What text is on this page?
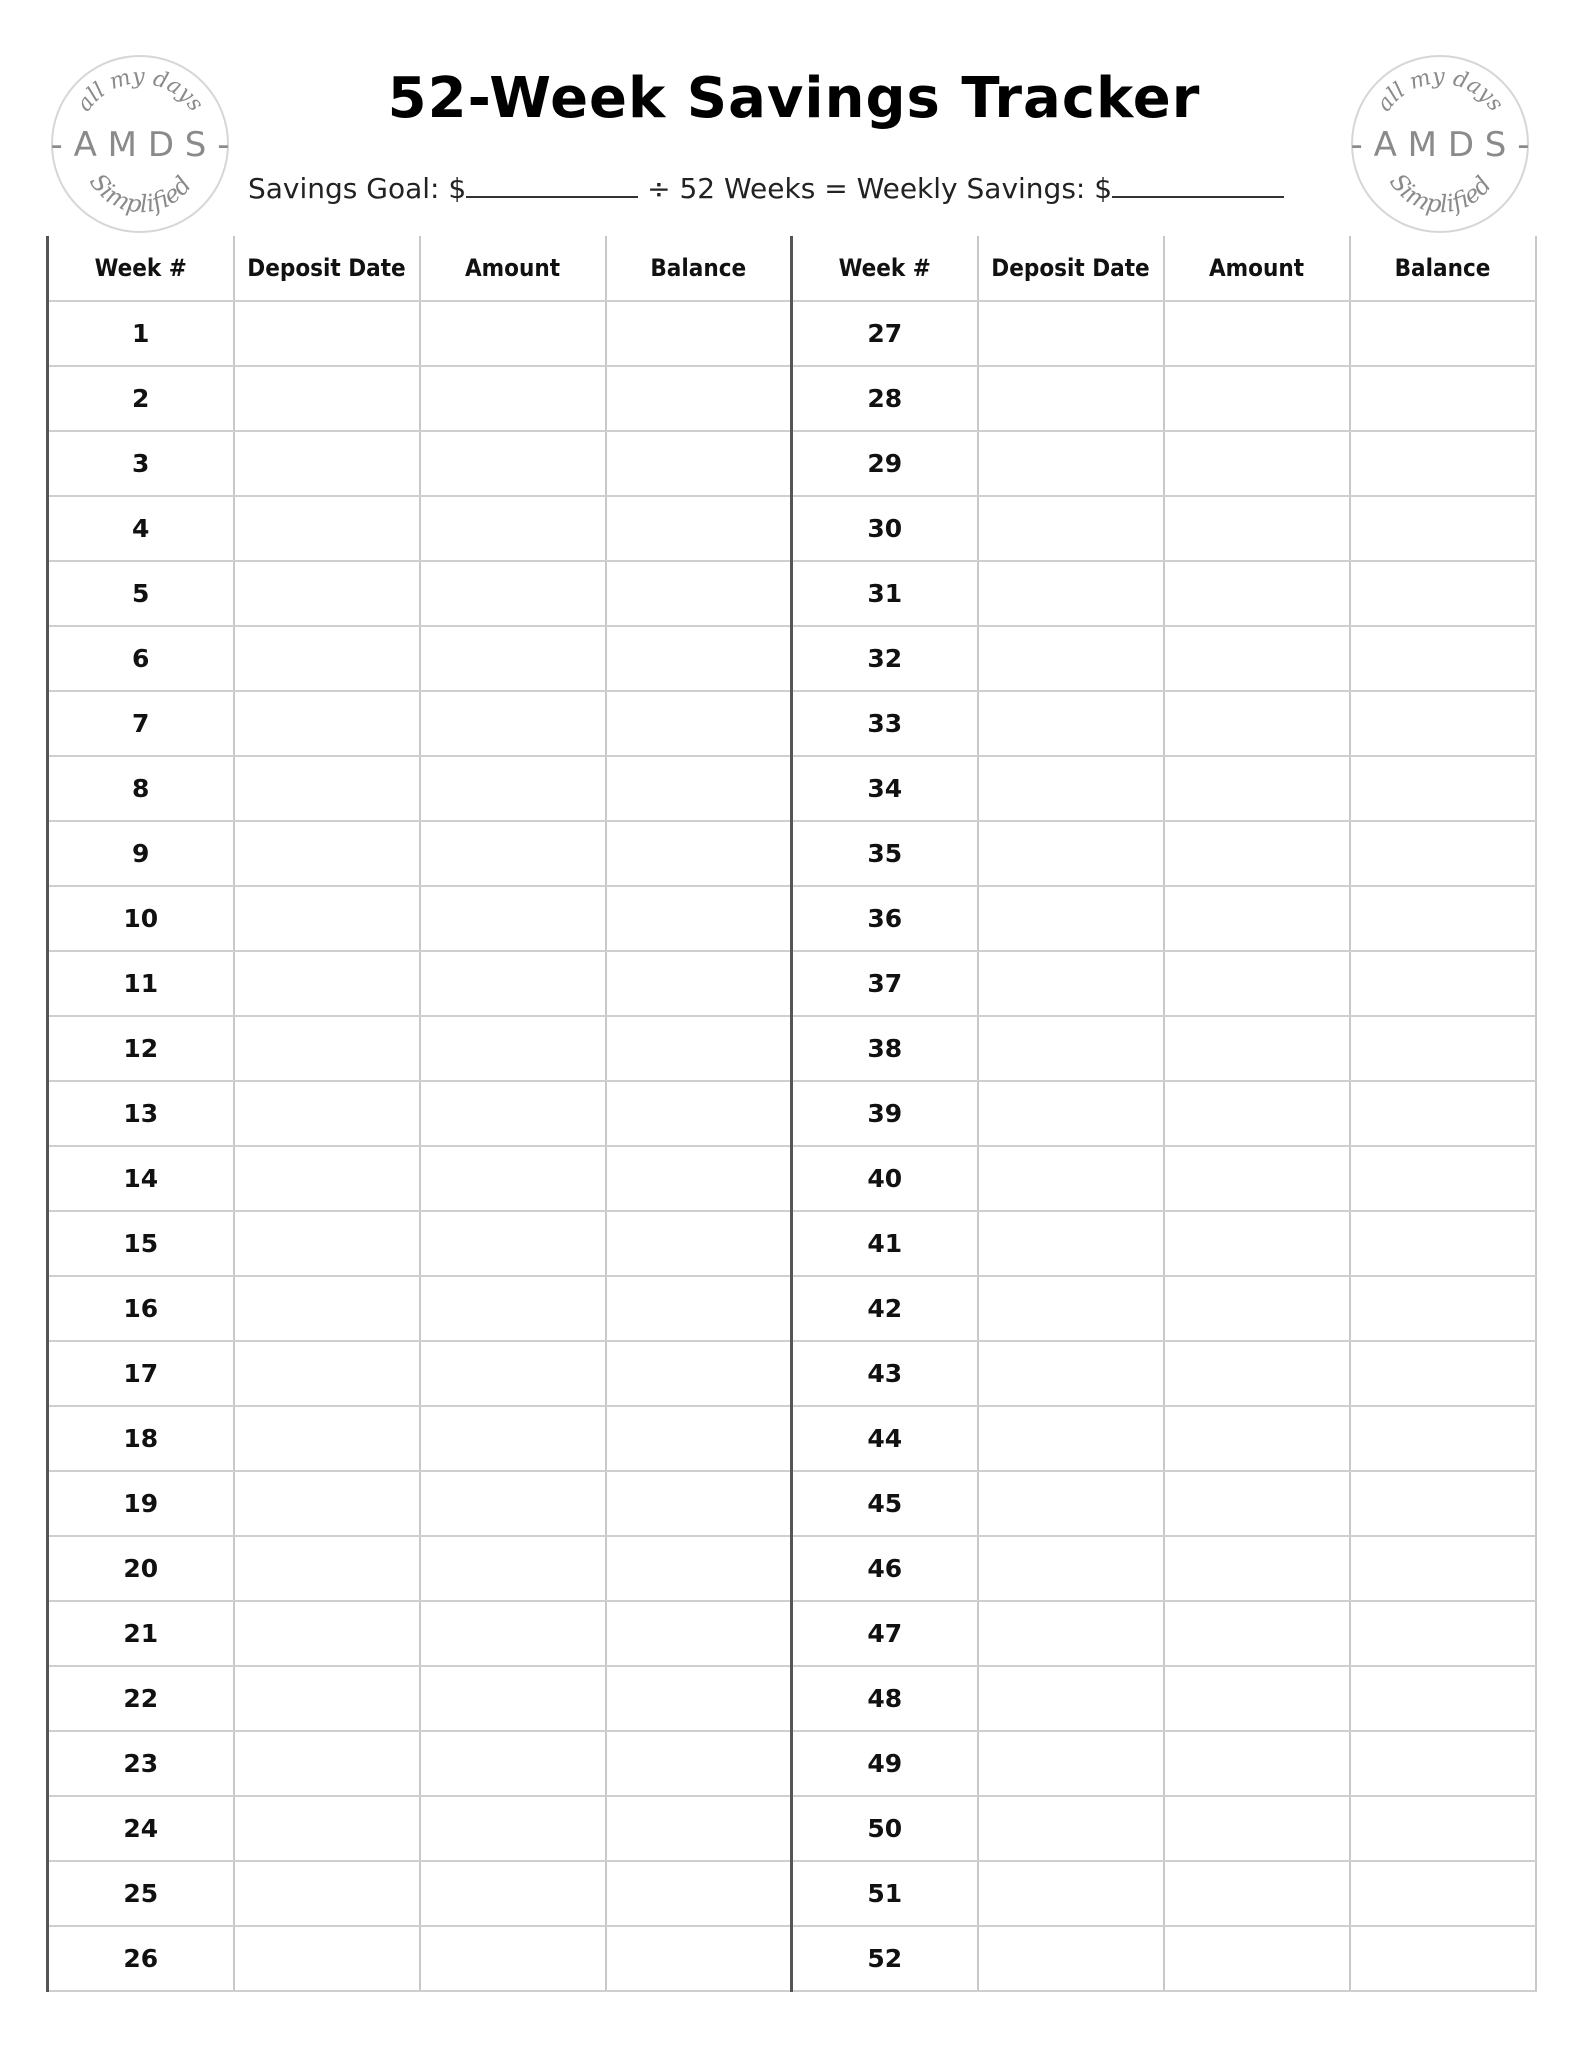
all my days
- A M D S -
Simplified
all my days
- A M D S -
Simplified
52-Week Savings Tracker
Savings Goal: $	÷ 52 Weeks = Weekly Savings: $
Week #	Deposit Date	Amount	Balance	Week #	Deposit Date	Amount	Balance
1				27			
2				28			
3				29			
4				30			
5				31			
6				32			
7				33			
8				34			
9				35			
10				36			
11				37			
12				38			
13				39			
14				40			
15				41			
16				42			
17				43			
18				44			
19				45			
20				46			
21				47			
22				48			
23				49			
24				50			
25				51			
26				52			
